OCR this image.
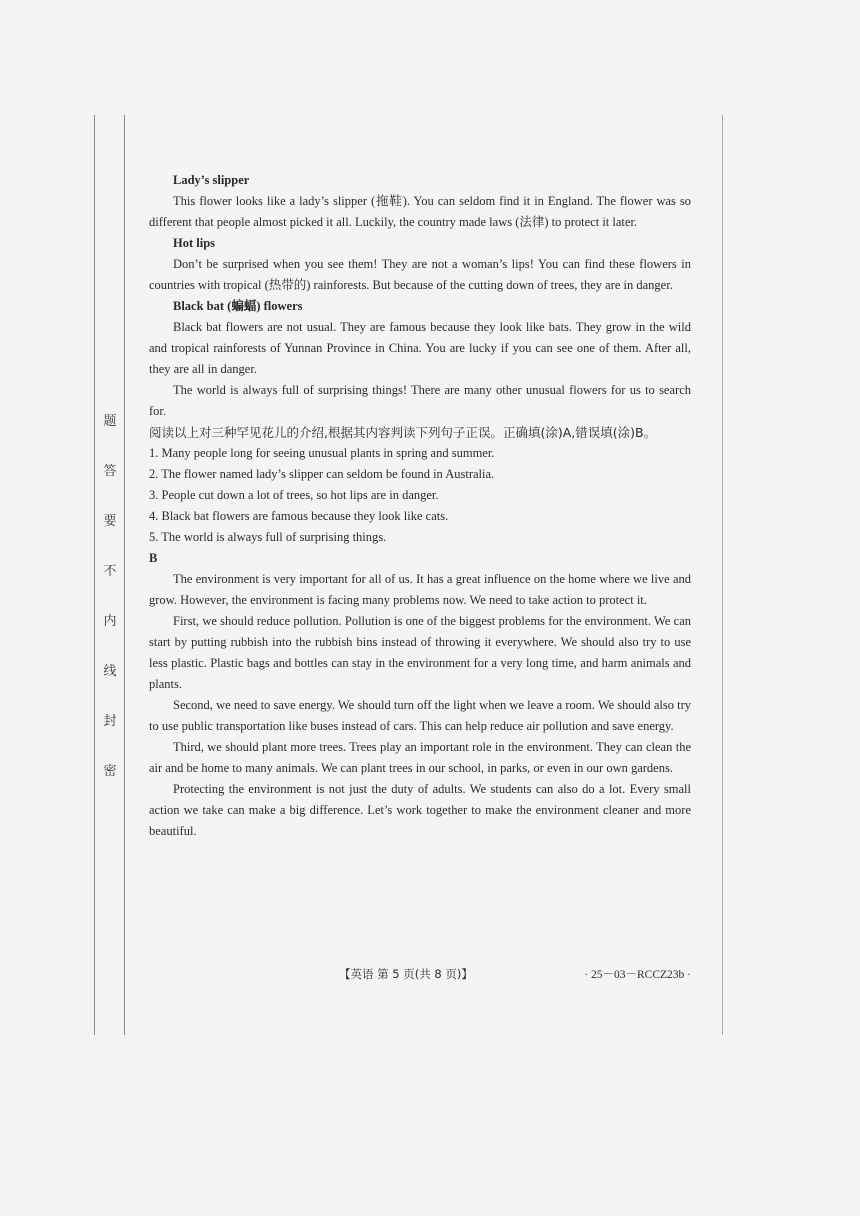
题
答
要
不
内
线
封
密

Lady’s slipper

This flower looks like a lady’s slipper (拖鞋). You can seldom find it in England. The flower was so different that people almost picked it all. Luckily, the country made laws (法律) to protect it later.

Hot lips

Don’t be surprised when you see them! They are not a woman’s lips! You can find these flowers in countries with tropical (热带的) rainforests. But because of the cutting down of trees, they are in danger.

Black bat (蝙蝠) flowers

Black bat flowers are not usual. They are famous because they look like bats. They grow in the wild and tropical rainforests of Yunnan Province in China. You are lucky if you can see one of them. After all, they are all in danger.

The world is always full of surprising things! There are many other unusual flowers for us to search for.

阅读以上对三种罕见花儿的介绍,根据其内容判读下列句子正误。正确填(涂)A,错误填(涂)B。

1. Many people long for seeing unusual plants in spring and summer.

2. The flower named lady’s slipper can seldom be found in Australia.

3. People cut down a lot of trees, so hot lips are in danger.

4. Black bat flowers are famous because they look like cats.

5. The world is always full of surprising things.

B

The environment is very important for all of us. It has a great influence on the home where we live and grow. However, the environment is facing many problems now. We need to take action to protect it.

First, we should reduce pollution. Pollution is one of the biggest problems for the environment. We can start by putting rubbish into the rubbish bins instead of throwing it everywhere. We should also try to use less plastic. Plastic bags and bottles can stay in the environment for a very long time, and harm animals and plants.

Second, we need to save energy. We should turn off the light when we leave a room. We should also try to use public transportation like buses instead of cars. This can help reduce air pollution and save energy.

Third, we should plant more trees. Trees play an important role in the environment. They can clean the air and be home to many animals. We can plant trees in our school, in parks, or even in our own gardens.

Protecting the environment is not just the duty of adults. We students can also do a lot. Every small action we take can make a big difference. Let’s work together to make the environment cleaner and more beautiful.

【英语 第 5 页(共 8 页)】	· 25－03－RCCZ23b ·
